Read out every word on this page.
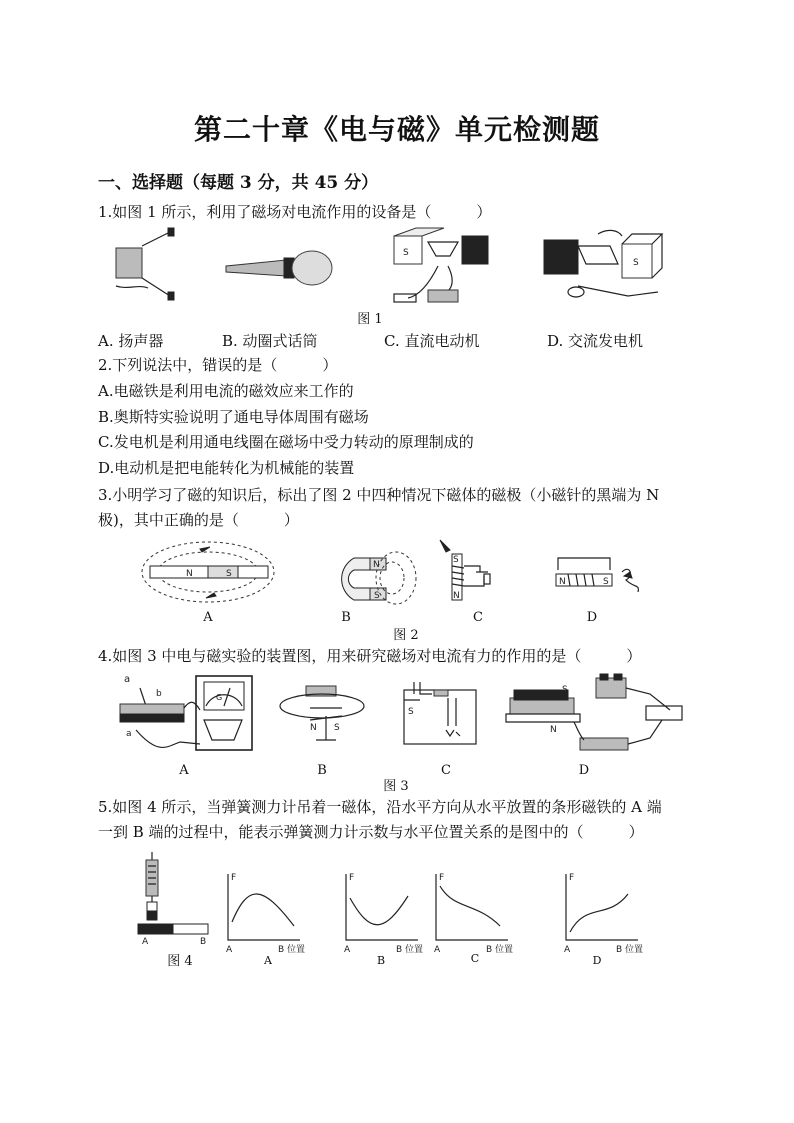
第二十章《电与磁》单元检测题
一、选择题（每题 3 分，共 45 分）
1.如图 1 所示，利用了磁场对电流作用的设备是（　　　）
S
S
图 1
A. 扬声器	B. 动圈式话筒	C. 直流电动机	D. 交流发电机
2.下列说法中，错误的是（　　　）
A.电磁铁是利用电流的磁效应来工作的
B.奥斯特实验说明了通电导体周围有磁场
C.发电机是利用通电线圈在磁场中受力转动的原理制成的
D.电动机是把电能转化为机械能的装置
3.小明学习了磁的知识后，标出了图 2 中四种情况下磁体的磁极（小磁针的黑端为 N
极)，其中正确的是（　　　）
N	S
N
S
S
N
N	S
A	B	C	D
图 2
4.如图 3 中电与磁实验的装置图，用来研究磁场对电流有力的作用的是（　　　）
a
b
a
G
N S
S
S
N
A	B	C	D
图 3
5.如图 4 所示，当弹簧测力计吊着一磁体，沿水平方向从水平放置的条形磁铁的 A 端
一到 B 端的过程中，能表示弹簧测力计示数与水平位置关系的是图中的（　　　）
A	B
F
A	B 位置
F
A	B 位置
F
A	B 位置
F
A	B 位置
图 4	A	B	C	D
